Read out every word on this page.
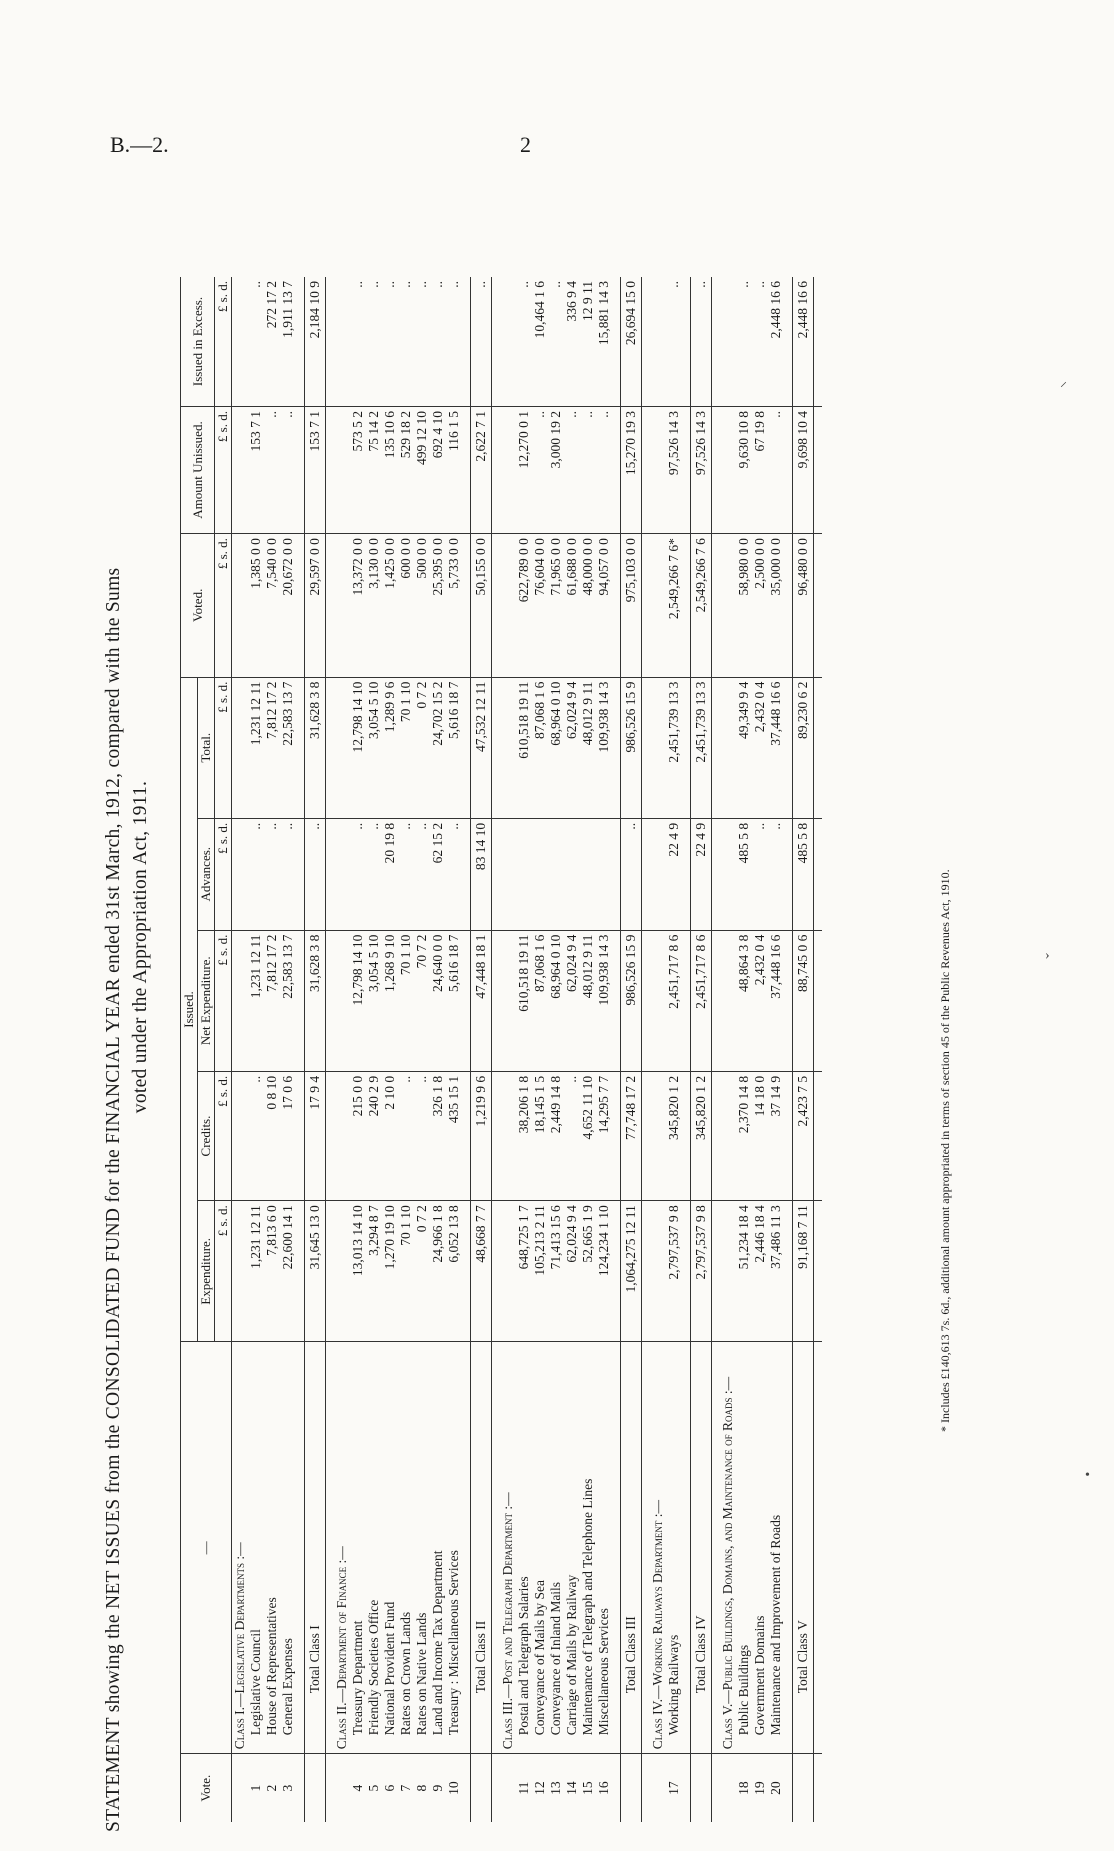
B.—2.	2
⸝
›
•
STATEMENT showing the NET ISSUES from the CONSOLIDATED FUND for the FINANCIAL YEAR ended 31st March, 1912, compared with the Sums voted under the Appropriation Act, 1911.
Vote.	—	Issued.					Voted.	Amount Unissued.	Issued in Excess.
		Expenditure.	Credits.	Net Expenditure.	Advances.	Total.			
		£ s. d.	£ s. d.	£ s. d.	£ s. d.	£ s. d.	£ s. d.	£ s. d.	£ s. d.
	Class I.—Legislative Departments :—								
1	Legislative Council	1,231 12 11	..	1,231 12 11	..	1,231 12 11	1,385 0 0	153 7 1	..
2	House of Representatives	7,813 6 0	0 8 10	7,812 17 2	..	7,812 17 2	7,540 0 0	..	272 17 2
3	General Expenses	22,600 14 1	17 0 6	22,583 13 7	..	22,583 13 7	20,672 0 0	..	1,911 13 7

	Total Class I	31,645 13 0	17 9 4	31,628 3 8	..	31,628 3 8	29,597 0 0	153 7 1	2,184 10 9

	Class II.—Department of Finance :—								
4	Treasury Department	13,013 14 10	215 0 0	12,798 14 10	..	12,798 14 10	13,372 0 0	573 5 2	..
5	Friendly Societies Office	3,294 8 7	240 2 9	3,054 5 10	..	3,054 5 10	3,130 0 0	75 14 2	..
6	National Provident Fund	1,270 19 10	2 10 0	1,268 9 10	20 19 8	1,289 9 6	1,425 0 0	135 10 6	..
7	Rates on Crown Lands	70 1 10	..	70 1 10	..	70 1 10	600 0 0	529 18 2	..
8	Rates on Native Lands	0 7 2	..	70 7 2	..	0 7 2	500 0 0	499 12 10	..
9	Land and Income Tax Department	24,966 1 8	326 1 8	24,640 0 0	62 15 2	24,702 15 2	25,395 0 0	692 4 10	..
10	Treasury : Miscellaneous Services	6,052 13 8	435 15 1	5,616 18 7	..	5,616 18 7	5,733 0 0	116 1 5	..

	Total Class II	48,668 7 7	1,219 9 6	47,448 18 1	83 14 10	47,532 12 11	50,155 0 0	2,622 7 1	..

	Class III.—Post and Telegraph Department :—								
11	Postal and Telegraph Salaries	648,725 1 7	38,206 1 8	610,518 19 11		610,518 19 11	622,789 0 0	12,270 0 1	..
12	Conveyance of Mails by Sea	105,213 2 11	18,145 1 5	87,068 1 6		87,068 1 6	76,604 0 0	..	10,464 1 6
13	Conveyance of Inland Mails	71,413 15 6	2,449 14 8	68,964 0 10		68,964 0 10	71,965 0 0	3,000 19 2	..
14	Carriage of Mails by Railway	62,024 9 4	..	62,024 9 4		62,024 9 4	61,688 0 0	..	336 9 4
15	Maintenance of Telegraph and Telephone Lines	52,665 1 9	4,652 11 10	48,012 9 11		48,012 9 11	48,000 0 0	..	12 9 11
16	Miscellaneous Services	124,234 1 10	14,295 7 7	109,938 14 3		109,938 14 3	94,057 0 0	..	15,881 14 3

	Total Class III	1,064,275 12 11	77,748 17 2	986,526 15 9	..	986,526 15 9	975,103 0 0	15,270 19 3	26,694 15 0

	Class IV.—Working Railways Department :—								
17	Working Railways	2,797,537 9 8	345,820 1 2	2,451,717 8 6	22 4 9	2,451,739 13 3	2,549,266 7 6*	97,526 14 3	..

	Total Class IV	2,797,537 9 8	345,820 1 2	2,451,717 8 6	22 4 9	2,451,739 13 3	2,549,266 7 6	97,526 14 3	..

	Class V.—Public Buildings, Domains, and Maintenance of Roads :—								
18	Public Buildings	51,234 18 4	2,370 14 8	48,864 3 8	485 5 8	49,349 9 4	58,980 0 0	9,630 10 8	..
19	Government Domains	2,446 18 4	14 18 0	2,432 0 4	..	2,432 0 4	2,500 0 0	67 19 8	..
20	Maintenance and Improvement of Roads	37,486 11 3	37 14 9	37,448 16 6	..	37,448 16 6	35,000 0 0	..	2,448 16 6

	Total Class V	91,168 7 11	2,423 7 5	88,745 0 6	485 5 8	89,230 6 2	96,480 0 0	9,698 10 4	2,448 16 6

* Includes £140,613 7s. 6d., additional amount appropriated in terms of section 45 of the Public Revenues Act, 1910.
